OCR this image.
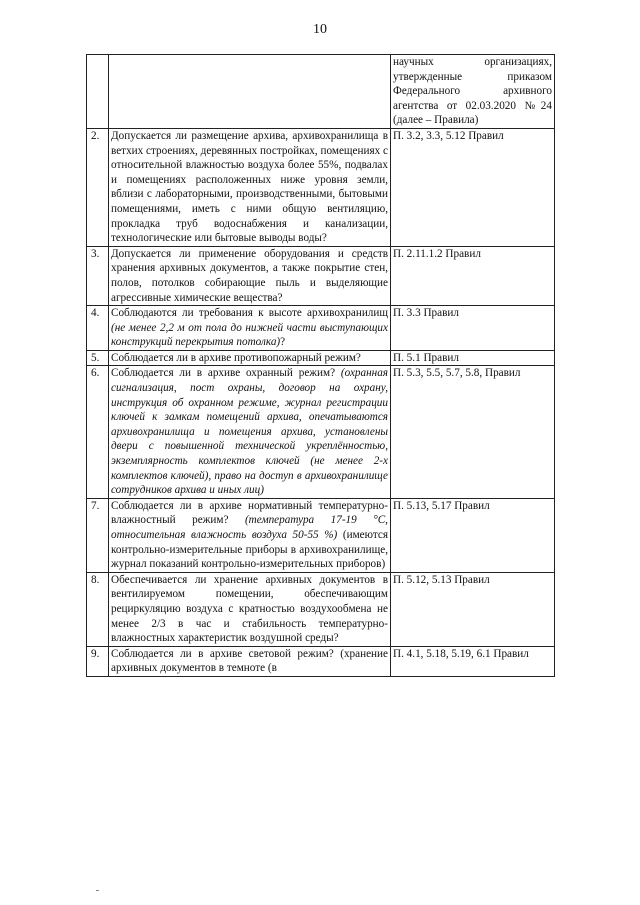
10
		научных организациях, утвержденные приказом Федерального архивного агентства от 02.03.2020 №24 (далее – Правила)
2.	Допускается ли размещение архива, архивохранилища в ветхих строениях, деревянных постройках, помещениях с относительной влажностью воздуха более 55%, подвалах и помещениях расположенных ниже уровня земли, вблизи с лабораторными, производственными, бытовыми помещениями, иметь с ними общую вентиляцию, прокладка труб водоснабжения и канализации, технологические или бытовые выводы воды?	П. 3.2, 3.3, 5.12 Правил
3.	Допускается ли применение оборудования и средств хранения архивных документов, а также покрытие стен, полов, потолков собирающие пыль и выделяющие агрессивные химические вещества?	П. 2.11.1.2 Правил
4.	Соблюдаются ли требования к высоте архивохранилищ (не менее 2,2 м от пола до нижней части выступающих конструкций перекрытия потолка)?	П. 3.3 Правил
5.	Соблюдается ли в архиве противопожарный режим?	П. 5.1 Правил
6.	Соблюдается ли в архиве охранный режим? (охранная сигнализация, пост охраны, договор на охрану, инструкция об охранном режиме, журнал регистрации ключей к замкам помещений архива, опечатываются архивохранилища и помещения архива, установлены двери с повышенной технической укреплённостью, экземплярность комплектов ключей (не менее 2-х комплектов ключей), право на доступ в архивохранилище сотрудников архива и иных лиц)	П. 5.3, 5.5, 5.7, 5.8, Правил
7.	Соблюдается ли в архиве нормативный температурно-влажностный режим? (температура 17-19 °С, относительная влажность воздуха 50-55 %) (имеются контрольно-измерительные приборы в архивохранилище, журнал показаний контрольно-измерительных приборов)	П. 5.13, 5.17 Правил
8.	Обеспечивается ли хранение архивных документов в вентилируемом помещении, обеспечивающим рециркуляцию воздуха с кратностью воздухообмена не менее 2/3 в час и стабильность температурно-влажностных характеристик воздушной среды?	П. 5.12, 5.13 Правил
9.	Соблюдается ли в архиве световой режим? (хранение архивных документов в темноте (в	П. 4.1, 5.18, 5.19, 6.1 Правил
